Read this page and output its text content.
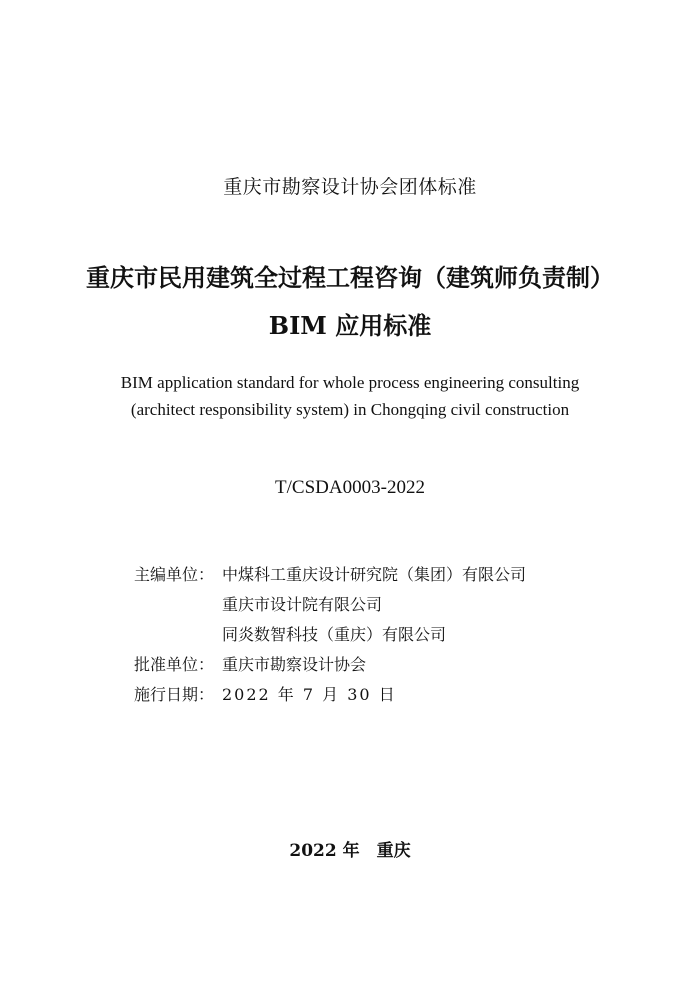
重庆市勘察设计协会团体标准
重庆市民用建筑全过程工程咨询（建筑师负责制）
BIM 应用标准
BIM application standard for whole process engineering consulting
(architect responsibility system) in Chongqing civil construction
T/CSDA0003-2022
主编单位： 中煤科工重庆设计研究院（集团）有限公司
重庆市设计院有限公司
同炎数智科技（重庆）有限公司
批准单位： 重庆市勘察设计协会
施行日期： 2022 年 7 月 30 日
2022 年　重庆
